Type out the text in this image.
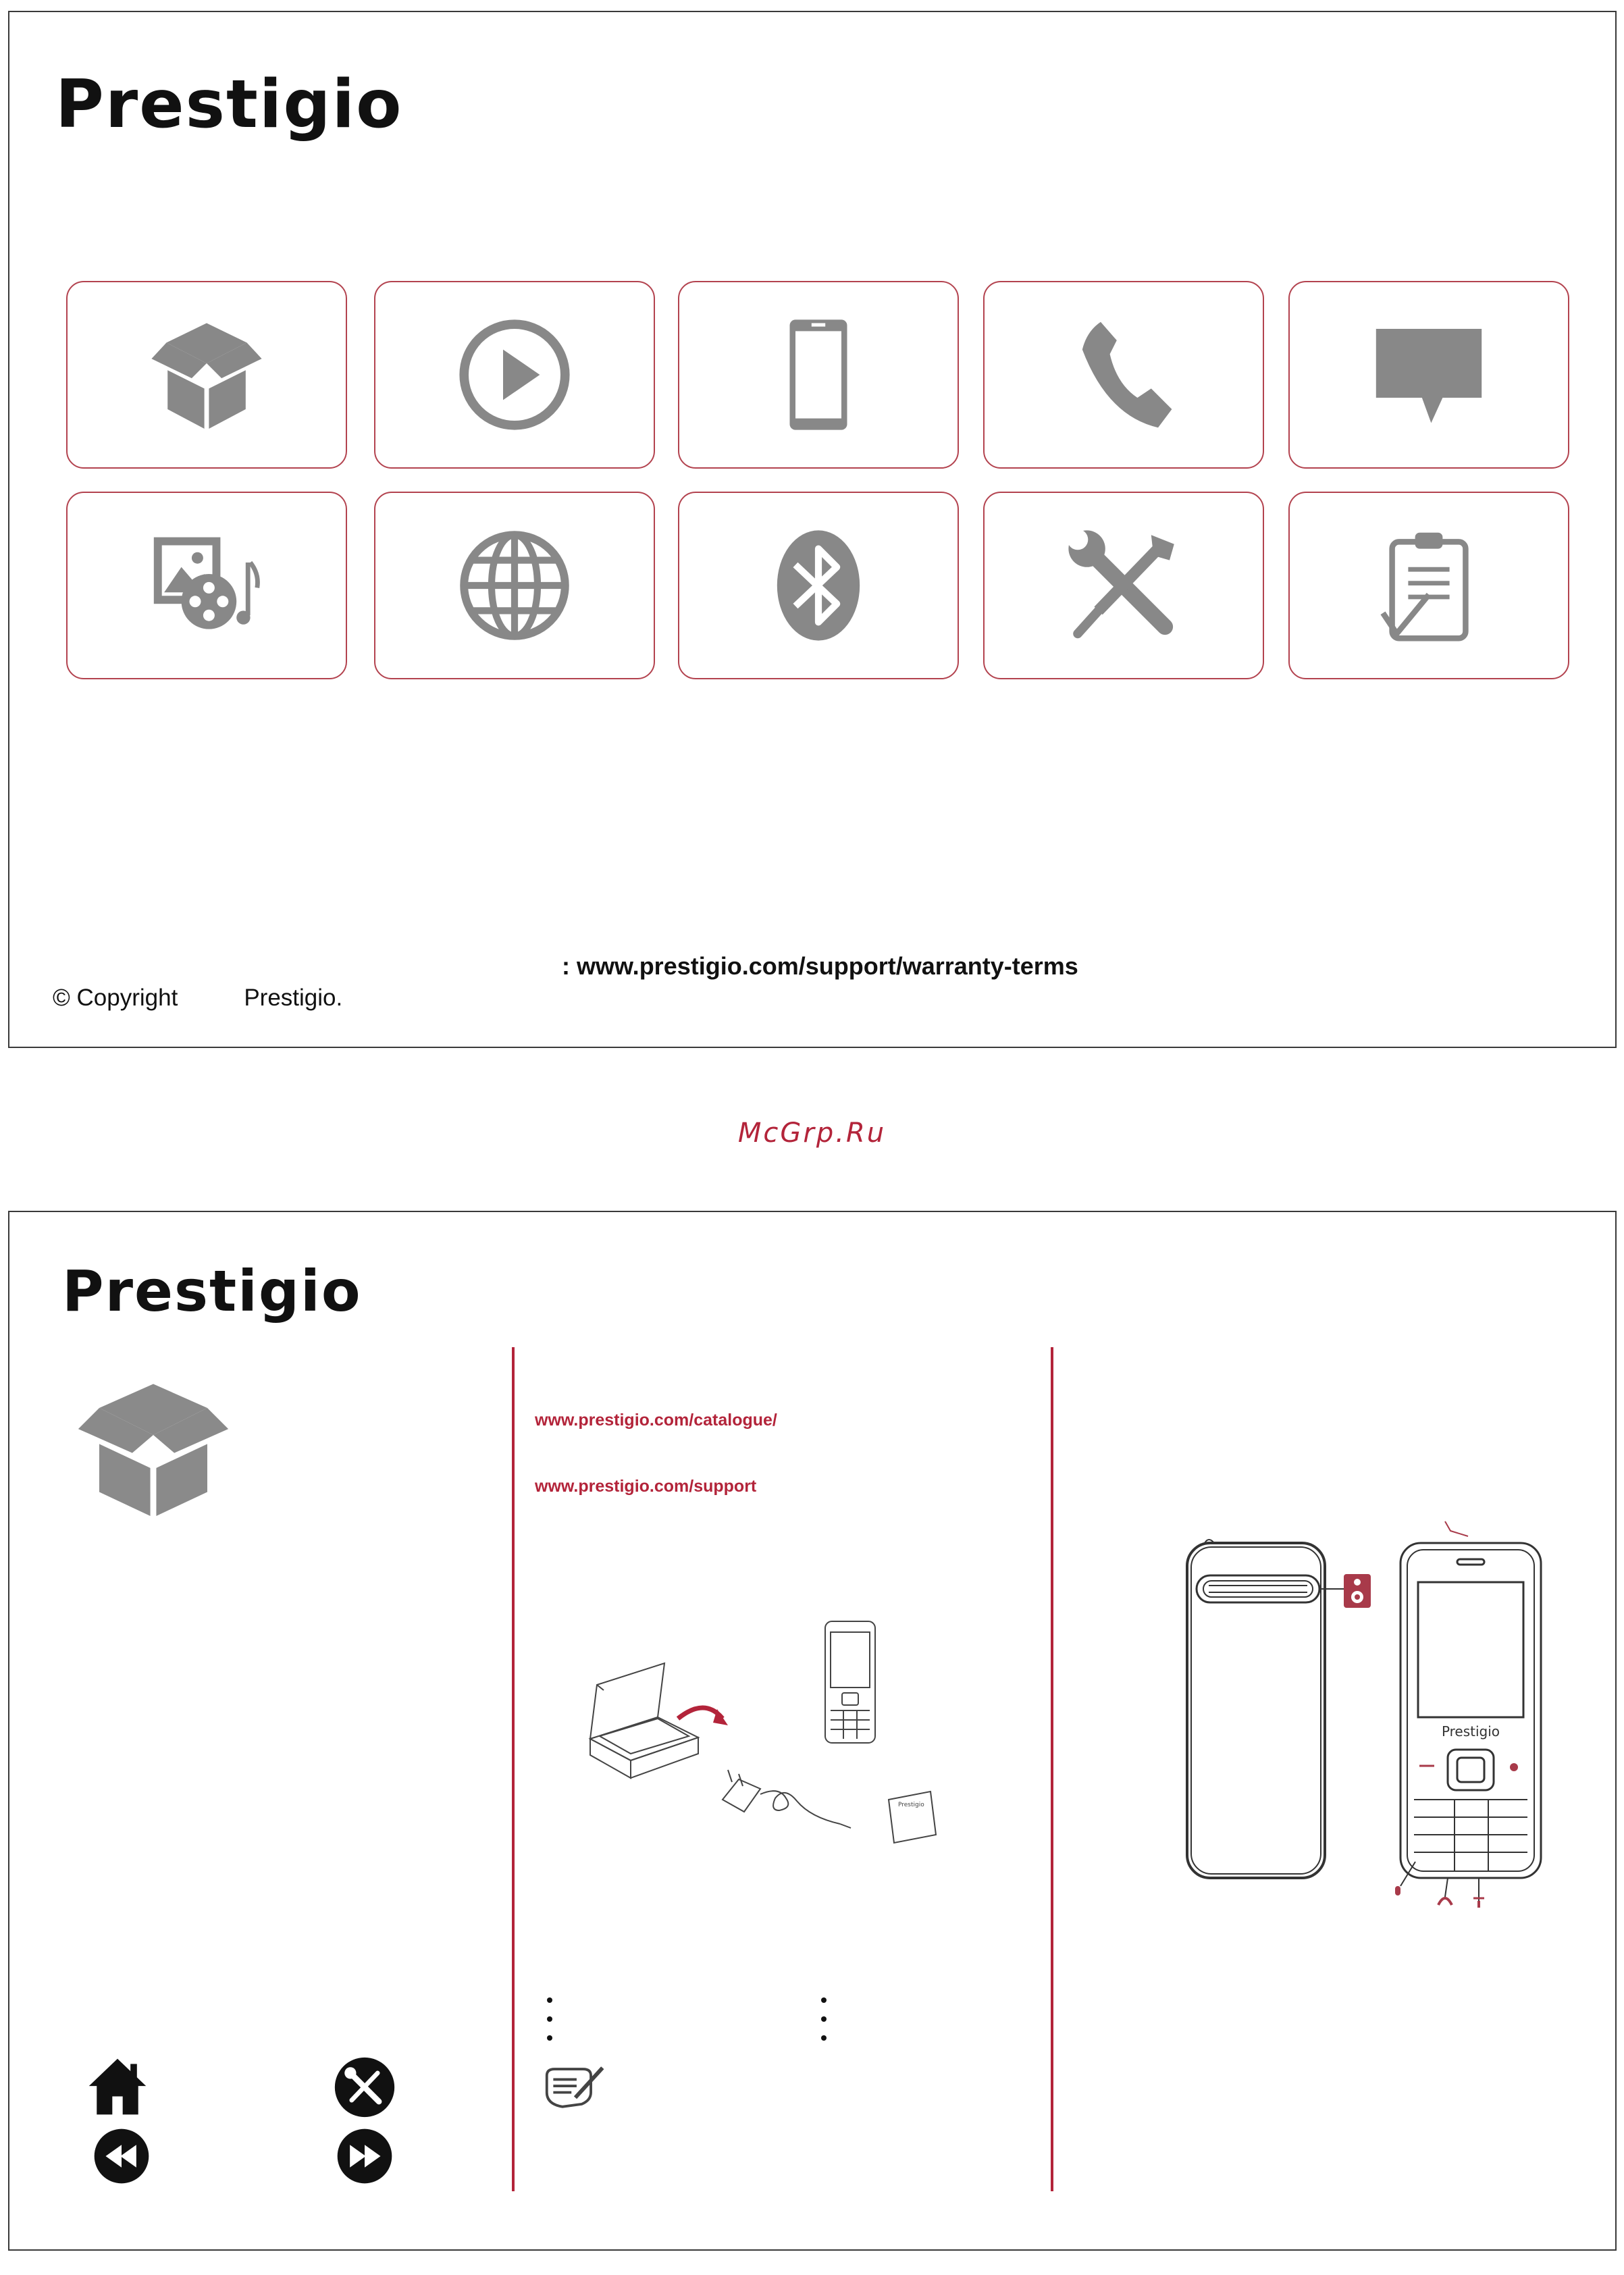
Prestigio
: www.prestigio.com/support/warranty-terms
© Copyright	Prestigio.
McGrp.Ru
Prestigio
www.prestigio.com/catalogue/
www.prestigio.com/support
Prestigio
Prestigio
